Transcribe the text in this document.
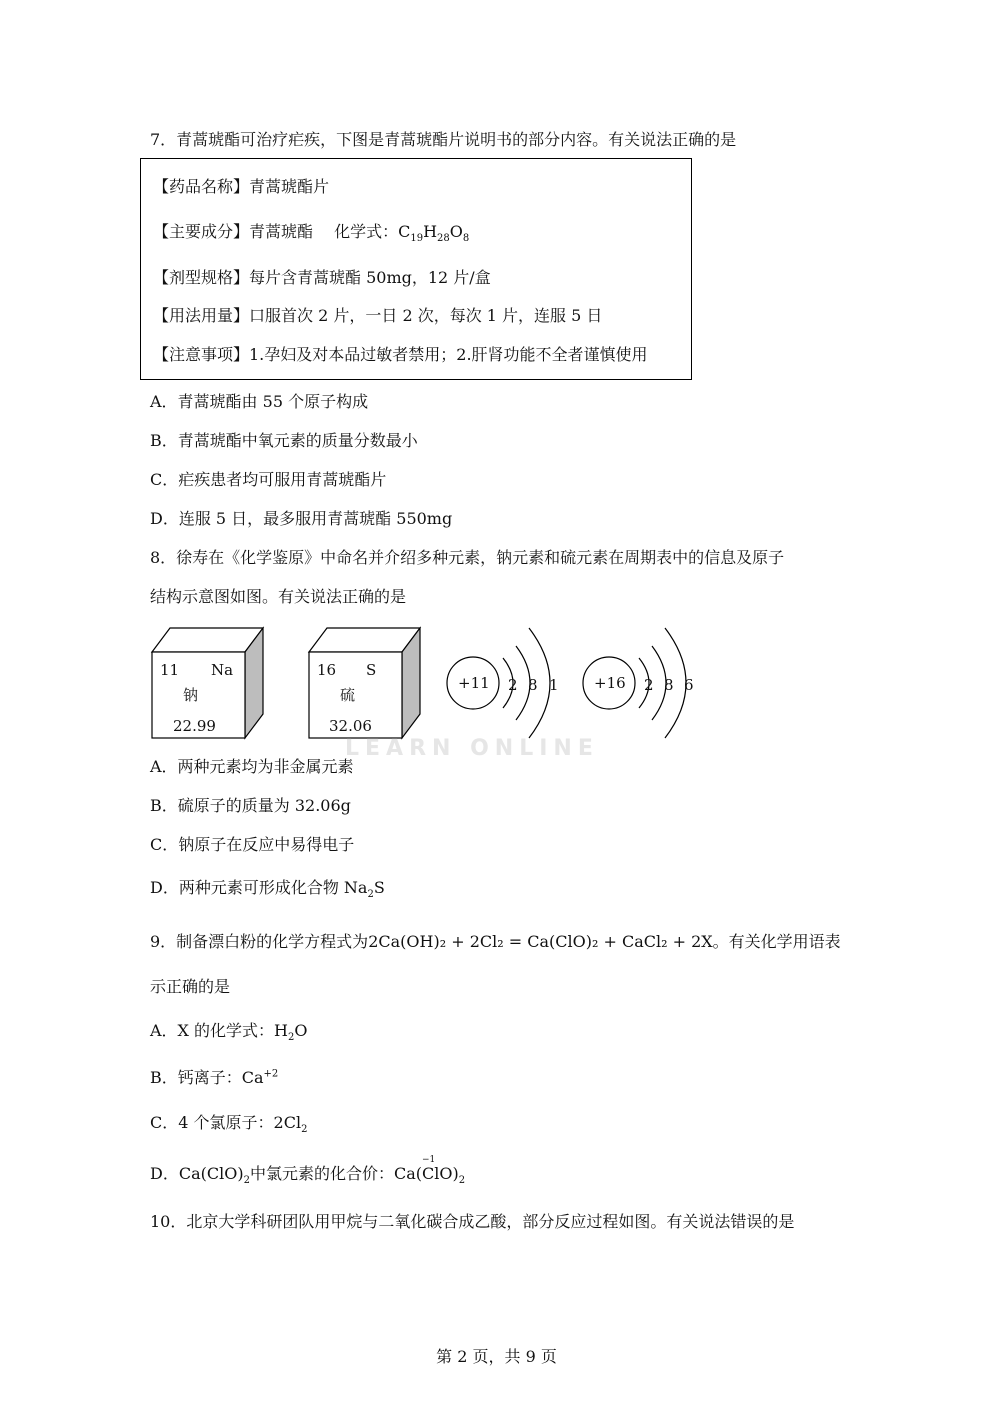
7．青蒿琥酯可治疗疟疾，下图是青蒿琥酯片说明书的部分内容。有关说法正确的是
【药品名称】青蒿琥酯片
【主要成分】青蒿琥酯　 化学式：$C_{19}H_{28}O_8$
【剂型规格】每片含青蒿琥酯 50mg，12 片/盒
【用法用量】口服首次 2 片，一日 2 次，每次 1 片，连服 5 日
【注意事项】1.孕妇及对本品过敏者禁用；2.肝肾功能不全者谨慎使用
A．青蒿琥酯由 55 个原子构成
B．青蒿琥酯中氧元素的质量分数最小
C．疟疾患者均可服用青蒿琥酯片
D．连服 5 日，最多服用青蒿琥酯 550mg
8．徐寿在《化学鉴原》中命名并介绍多种元素，钠元素和硫元素在周期表中的信息及原子
结构示意图如图。有关说法正确的是
11 Na
钠
22.99
16 S
硫
32.06
+11 2 8 1 +16 2 8 6
LEARN ONLINE
A．两种元素均为非金属元素
B．硫原子的质量为 32.06g
C．钠原子在反应中易得电子
D．两种元素可形成化合物 $Na_2S$
9．制备漂白粉的化学方程式为2Ca(OH)₂ + 2Cl₂ = Ca(ClO)₂ + CaCl₂ + 2X。有关化学用语表
示正确的是
A．X 的化学式：$H_2O$
B．钙离子：$Ca^{+2}$
C．4 个氯原子：$2Cl_2$
D．$Ca(ClO)_2$中氯元素的化合价：Ca(
−1
$ClO)_2$
10．北京大学科研团队用甲烷与二氧化碳合成乙酸，部分反应过程如图。有关说法错误的是
第 2 页，共 9 页
